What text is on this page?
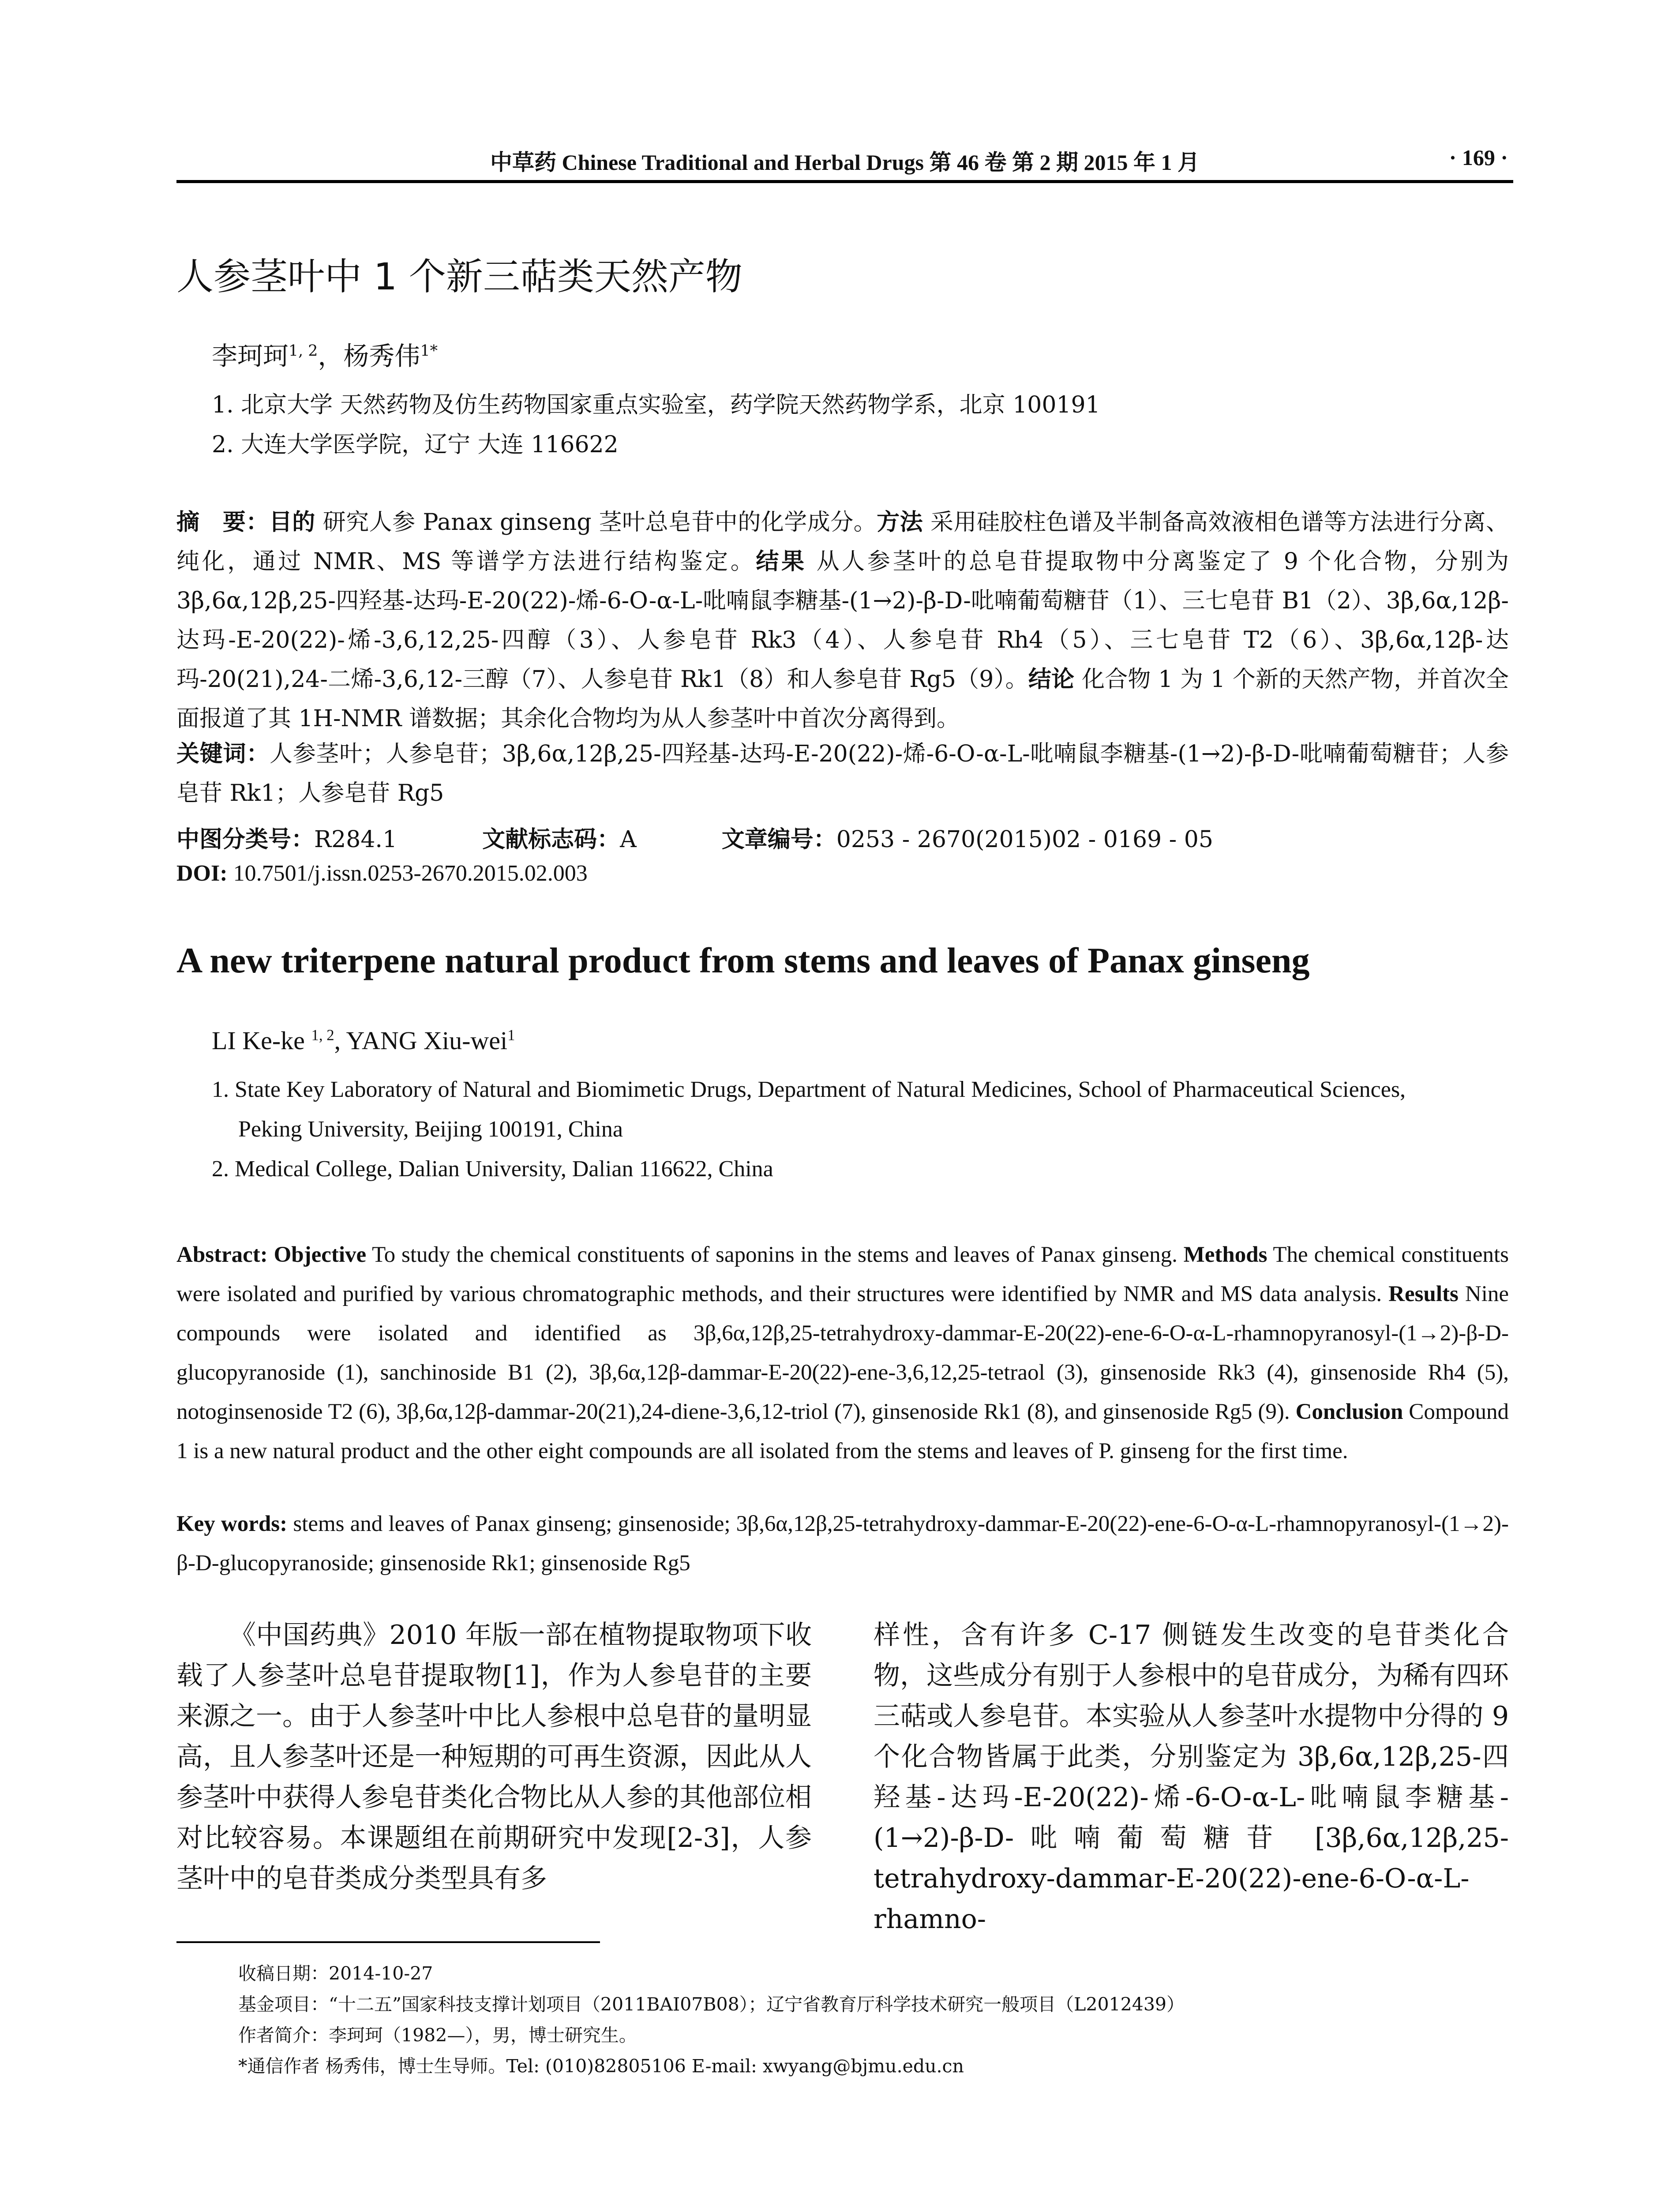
中草药 Chinese Traditional and Herbal Drugs 第 46 卷 第 2 期 2015 年 1 月	· 169 ·
人参茎叶中 1 个新三萜类天然产物
李珂珂$^{1, 2}$，杨秀伟$^{1*}$
1. 北京大学 天然药物及仿生药物国家重点实验室，药学院天然药物学系，北京 100191
2. 大连大学医学院，辽宁 大连 116622
摘　要：目的 研究人参 Panax ginseng 茎叶总皂苷中的化学成分。方法 采用硅胶柱色谱及半制备高效液相色谱等方法进行分离、纯化，通过 NMR、MS 等谱学方法进行结构鉴定。结果 从人参茎叶的总皂苷提取物中分离鉴定了 9 个化合物，分别为 3β,6α,12β,25-四羟基-达玛-E-20(22)-烯-6-O-α-L-吡喃鼠李糖基-(1→2)-β-D-吡喃葡萄糖苷（1）、三七皂苷 B1（2）、3β,6α,12β-达玛-E-20(22)-烯-3,6,12,25-四醇（3）、人参皂苷 Rk3（4）、人参皂苷 Rh4（5）、三七皂苷 T2（6）、3β,6α,12β-达玛-20(21),24-二烯-3,6,12-三醇（7）、人参皂苷 Rk1（8）和人参皂苷 Rg5（9）。结论 化合物 1 为 1 个新的天然产物，并首次全面报道了其 1H-NMR 谱数据；其余化合物均为从人参茎叶中首次分离得到。
关键词：人参茎叶；人参皂苷；3β,6α,12β,25-四羟基-达玛-E-20(22)-烯-6-O-α-L-吡喃鼠李糖基-(1→2)-β-D-吡喃葡萄糖苷；人参皂苷 Rk1；人参皂苷 Rg5
中图分类号：R284.1	文献标志码：A	文章编号：0253 - 2670(2015)02 - 0169 - 05
DOI: 10.7501/j.issn.0253-2670.2015.02.003
A new triterpene natural product from stems and leaves of Panax ginseng
LI Ke-ke $^{1, 2}$, YANG Xiu-wei$^1$
1. State Key Laboratory of Natural and Biomimetic Drugs, Department of Natural Medicines, School of Pharmaceutical Sciences,
Peking University, Beijing 100191, China
2. Medical College, Dalian University, Dalian 116622, China
Abstract: Objective To study the chemical constituents of saponins in the stems and leaves of Panax ginseng. Methods The chemical constituents were isolated and purified by various chromatographic methods, and their structures were identified by NMR and MS data analysis. Results Nine compounds were isolated and identified as 3β,6α,12β,25-tetrahydroxy-dammar-E-20(22)-ene-6-O-α-L-rhamnopyranosyl-(1→2)-β-D-glucopyranoside (1), sanchinoside B1 (2), 3β,6α,12β-dammar-E-20(22)-ene-3,6,12,25-tetraol (3), ginsenoside Rk3 (4), ginsenoside Rh4 (5), notoginsenoside T2 (6), 3β,6α,12β-dammar-20(21),24-diene-3,6,12-triol (7), ginsenoside Rk1 (8), and ginsenoside Rg5 (9). Conclusion Compound 1 is a new natural product and the other eight compounds are all isolated from the stems and leaves of P. ginseng for the first time.
Key words: stems and leaves of Panax ginseng; ginsenoside; 3β,6α,12β,25-tetrahydroxy-dammar-E-20(22)-ene-6-O-α-L-rhamnopyranosyl-(1→2)-β-D-glucopyranoside; ginsenoside Rk1; ginsenoside Rg5
《中国药典》2010 年版一部在植物提取物项下收载了人参茎叶总皂苷提取物[1]，作为人参皂苷的主要来源之一。由于人参茎叶中比人参根中总皂苷的量明显高，且人参茎叶还是一种短期的可再生资源，因此从人参茎叶中获得人参皂苷类化合物比从人参的其他部位相对比较容易。本课题组在前期研究中发现[2-3]，人参茎叶中的皂苷类成分类型具有多
样性，含有许多 C-17 侧链发生改变的皂苷类化合物，这些成分有别于人参根中的皂苷成分，为稀有四环三萜或人参皂苷。本实验从人参茎叶水提物中分得的 9 个化合物皆属于此类，分别鉴定为 3β,6α,12β,25-四羟基-达玛-E-20(22)-烯-6-O-α-L-吡喃鼠李糖基-(1→2)-β-D-吡喃葡萄糖苷 [3β,6α,12β,25-tetrahydroxy-dammar-E-20(22)-ene-6-O-α-L-rhamno-
收稿日期：2014-10-27
基金项目：“十二五”国家科技支撑计划项目（2011BAI07B08）；辽宁省教育厅科学技术研究一般项目（L2012439）
作者简介：李珂珂（1982—），男，博士研究生。
*通信作者 杨秀伟，博士生导师。Tel: (010)82805106 E-mail: xwyang@bjmu.edu.cn
